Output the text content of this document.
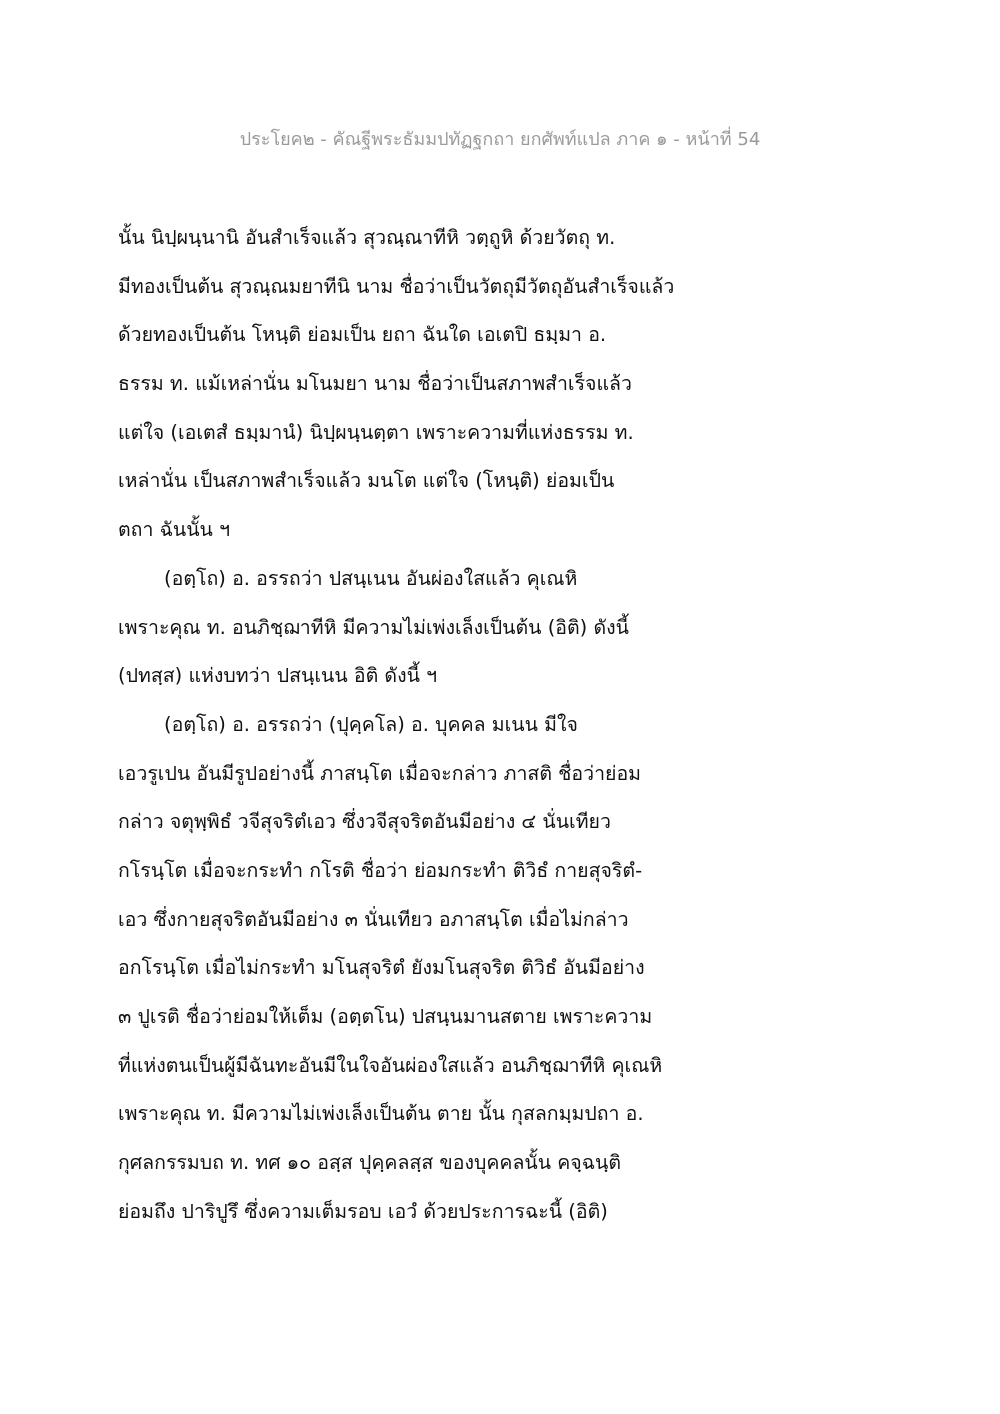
ประโยค๒ - คัณฐีพระธัมมปทัฏฐกถา ยกศัพท์แปล ภาค ๑ - หน้าที่ 54
นั้น นิปฺผนฺนานิ อันสำเร็จแล้ว สุวณฺณาทีหิ วตฺถูหิ ด้วยวัตถุ ท.
มีทองเป็นต้น สุวณฺณมยาทีนิ นาม ชื่อว่าเป็นวัตถุมีวัตถุอันสำเร็จแล้ว
ด้วยทองเป็นต้น โหนฺติ ย่อมเป็น ยถา ฉันใด เอเตปิ ธมฺมา อ.
ธรรม ท. แม้เหล่านั่น มโนมยา นาม ชื่อว่าเป็นสภาพสำเร็จแล้ว
แต่ใจ (เอเตสํ ธมฺมานํ) นิปฺผนฺนตฺตา เพราะความที่แห่งธรรม ท.
เหล่านั่น เป็นสภาพสำเร็จแล้ว มนโต แต่ใจ (โหนฺติ) ย่อมเป็น
ตถา ฉันนั้น ฯ
(อตฺโถ) อ. อรรถว่า ปสนฺเนน อันผ่องใสแล้ว คุเณหิ
เพราะคุณ ท. อนภิชฺฌาทีหิ มีความไม่เพ่งเล็งเป็นต้น (อิติ) ดังนี้
(ปทสฺส) แห่งบทว่า ปสนฺเนน อิติ ดังนี้ ฯ
(อตฺโถ) อ. อรรถว่า (ปุคฺคโล) อ. บุคคล มเนน มีใจ
เอวรูเปน อันมีรูปอย่างนี้ ภาสนฺโต เมื่อจะกล่าว ภาสติ ชื่อว่าย่อม
กล่าว จตุพฺพิธํ วจีสุจริตํเอว ซึ่งวจีสุจริตอันมีอย่าง ๔ นั่นเทียว
กโรนฺโต เมื่อจะกระทำ กโรติ ชื่อว่า ย่อมกระทำ ติวิธํ กายสุจริตํ-
เอว ซึ่งกายสุจริตอันมีอย่าง ๓ นั่นเทียว อภาสนฺโต เมื่อไม่กล่าว
อกโรนฺโต เมื่อไม่กระทำ มโนสุจริตํ ยังมโนสุจริต ติวิธํ อันมีอย่าง
๓ ปูเรติ ชื่อว่าย่อมให้เต็ม (อตฺตโน) ปสนฺนมานสตาย เพราะความ
ที่แห่งตนเป็นผู้มีฉันทะอันมีในใจอันผ่องใสแล้ว อนภิชฺฌาทีหิ คุเณหิ
เพราะคุณ ท. มีความไม่เพ่งเล็งเป็นต้น ตาย นั้น กุสลกมฺมปถา อ.
กุศลกรรมบถ ท. ทศ ๑๐ อสฺส ปุคฺคลสฺส ของบุคคลนั้น คจฺฉนฺติ
ย่อมถึง ปาริปูรึ ซึ่งความเต็มรอบ เอวํ ด้วยประการฉะนี้ (อิติ)
